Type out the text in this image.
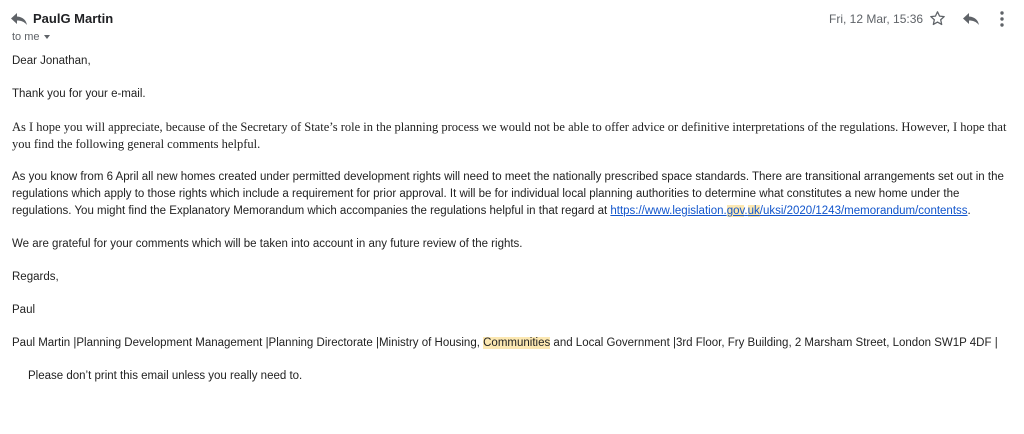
PaulG Martin
to me
Fri, 12 Mar, 15:36

Dear Jonathan,

Thank you for your e-mail.

As I hope you will appreciate, because of the Secretary of State’s role in the planning process we would not be able to offer advice or definitive interpretations of the regulations. However, I hope that you find the following general comments helpful.

As you know from 6 April all new homes created under permitted development rights will need to meet the nationally prescribed space standards. There are transitional arrangements set out in the regulations which apply to those rights which include a requirement for prior approval. It will be for individual local planning authorities to determine what constitutes a new home under the regulations. You might find the Explanatory Memorandum which accompanies the regulations helpful in that regard at https://www.legislation.gov.uk/uksi/2020/1243/memorandum/contentss.

We are grateful for your comments which will be taken into account in any future review of the rights.

Regards,

Paul

Paul Martin |Planning Development Management |Planning Directorate |Ministry of Housing, Communities and Local Government |3rd Floor, Fry Building, 2 Marsham Street, London SW1P 4DF |

Please don’t print this email unless you really need to.
